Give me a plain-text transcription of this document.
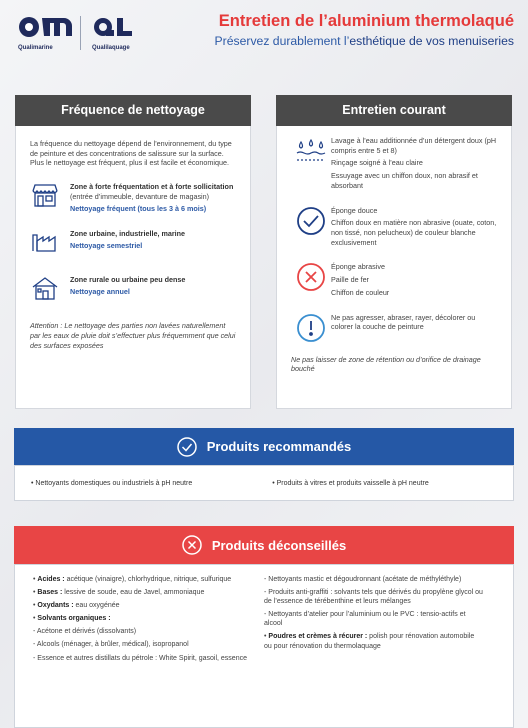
Qualimarine	Qualilaquage
Entretien de l’aluminium thermolaqué
Préservez durablement l’esthétique de vos menuiseries
Fréquence de nettoyage
La fréquence du nettoyage dépend de l’environnement, du type de peinture et des concentrations de salissure sur la surface. Plus le nettoyage est fréquent, plus il est facile et économique.
Zone à forte fréquentation et à forte sollicitation (entrée d’immeuble, devanture de magasin)
Nettoyage fréquent (tous les 3 à 6 mois)
Zone urbaine, industrielle, marine
Nettoyage semestriel
Zone rurale ou urbaine peu dense
Nettoyage annuel
Attention : Le nettoyage des parties non lavées naturellement par les eaux de pluie doit s’effectuer plus fréquemment que celui des surfaces exposées
Entretien courant
Lavage à l’eau additionnée d’un détergent doux (pH compris entre 5 et 8)
Rinçage soigné à l’eau claire
Essuyage avec un chiffon doux, non abrasif et absorbant
Éponge douce
Chiffon doux en matière non abrasive (ouate, coton, non tissé, non pelucheux) de couleur blanche exclusivement
Éponge abrasive
Paille de fer
Chiffon de couleur
Ne pas agresser, abraser, rayer, décolorer ou colorer la couche de peinture
Ne pas laisser de zone de rétention ou d’orifice de drainage bouché
Produits recommandés
• Nettoyants domestiques ou industriels à pH neutre	• Produits à vitres et produits vaisselle à pH neutre
Produits déconseillés
• Acides : acétique (vinaigre), chlorhydrique, nitrique, sulfurique
• Bases : lessive de soude, eau de Javel, ammoniaque
• Oxydants : eau oxygénée
• Solvants organiques :
- Acétone et dérivés (dissolvants)
- Alcools (ménager, à brûler, médical), isopropanol
- Essence et autres distillats du pétrole : White Spirit, gasoil, essence
- Nettoyants mastic et dégoudronnant (acétate de méthyléthyle)
- Produits anti-graffiti : solvants tels que dérivés du propylène glycol ou de l’essence de térébenthine et leurs mélanges
- Nettoyants d’atelier pour l’aluminium ou le PVC : tensio-actifs et alcool
• Poudres et crèmes à récurer : polish pour rénovation automobile ou pour rénovation du thermolaquage
